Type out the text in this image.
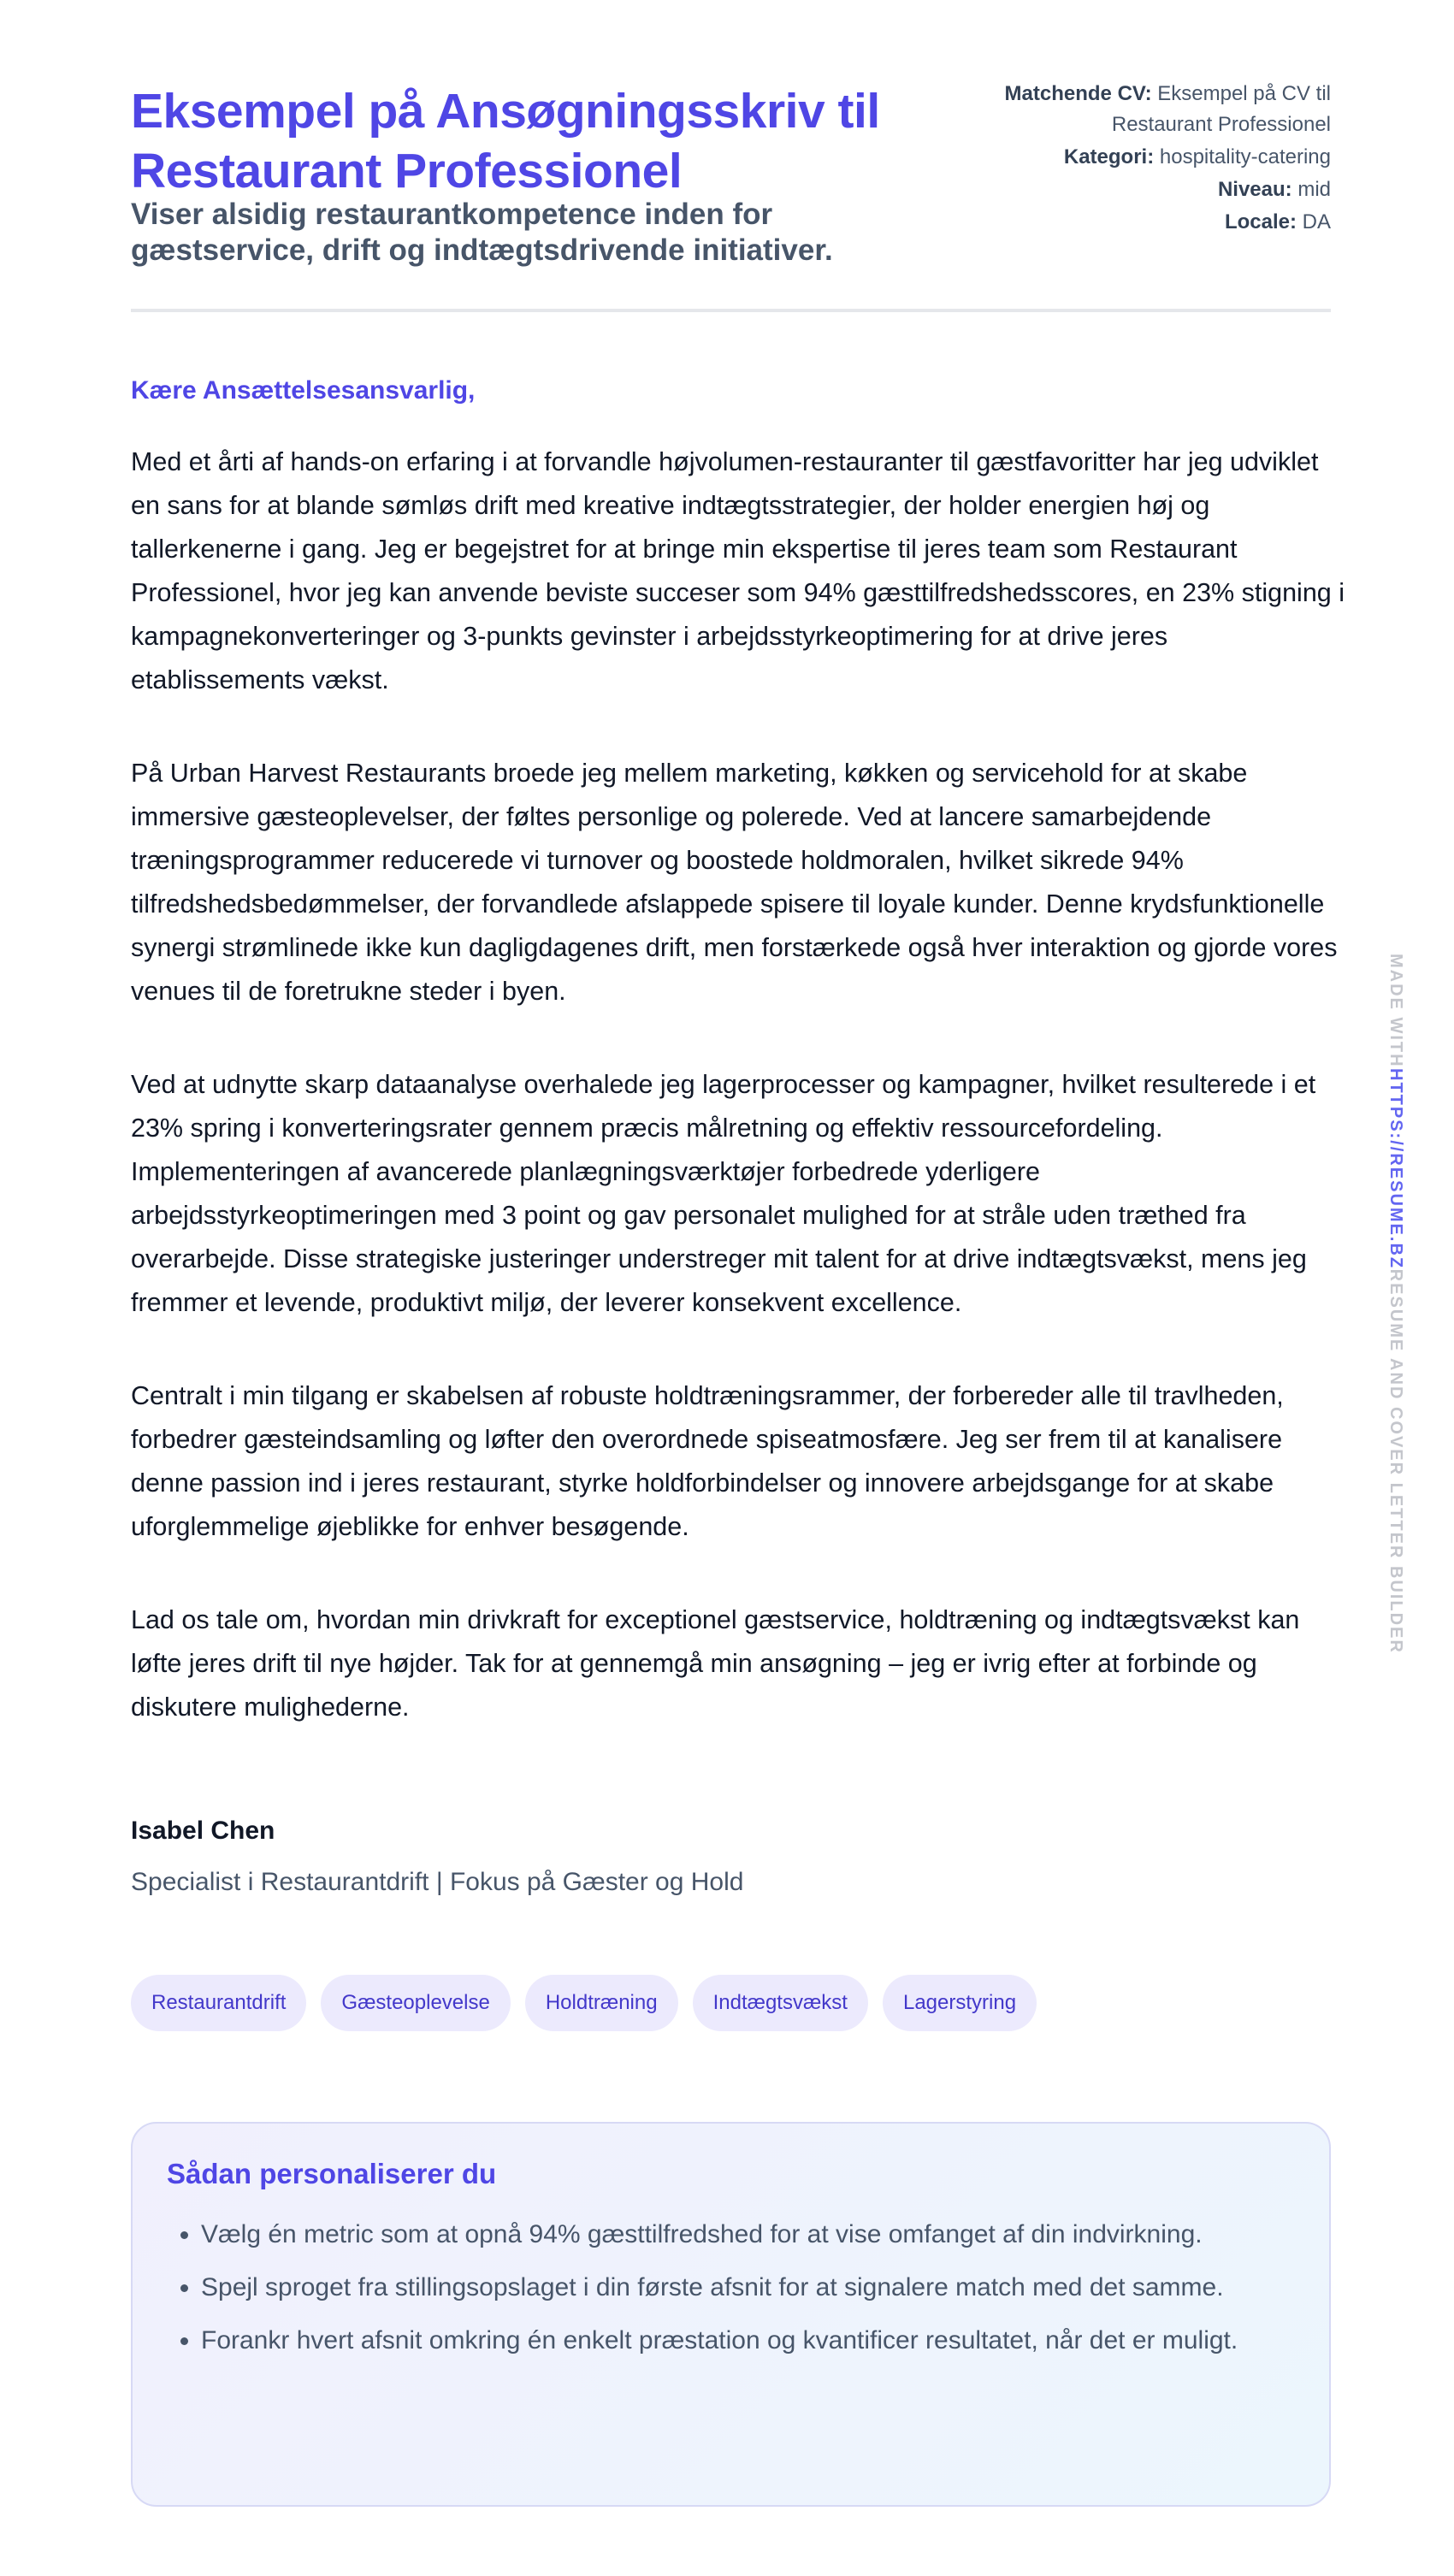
Eksempel på Ansøgningsskriv til Restaurant Professionel
Viser alsidig restaurantkompetence inden for gæstservice, drift og indtægtsdrivende initiativer.
Matchende CV: Eksempel på CV til Restaurant Professionel
Kategori: hospitality-catering
Niveau: mid
Locale: DA
Kære Ansættelsesansvarlig,

Med et årti af hands-on erfaring i at forvandle højvolumen-restauranter til gæstfavoritter har jeg udviklet en sans for at blande sømløs drift med kreative indtægtsstrategier, der holder energien høj og tallerkenerne i gang. Jeg er begejstret for at bringe min ekspertise til jeres team som Restaurant Professionel, hvor jeg kan anvende beviste succeser som 94% gæsttilfredshedsscores, en 23% stigning i kampagnekonverteringer og 3-punkts gevinster i arbejdsstyrkeoptimering for at drive jeres etablissements vækst.

På Urban Harvest Restaurants broede jeg mellem marketing, køkken og servicehold for at skabe immersive gæsteoplevelser, der føltes personlige og polerede. Ved at lancere samarbejdende træningsprogrammer reducerede vi turnover og boostede holdmoralen, hvilket sikrede 94% tilfredshedsbedømmelser, der forvandlede afslappede spisere til loyale kunder. Denne krydsfunktionelle synergi strømlinede ikke kun dagligdagenes drift, men forstærkede også hver interaktion og gjorde vores venues til de foretrukne steder i byen.

Ved at udnytte skarp dataanalyse overhalede jeg lagerprocesser og kampagner, hvilket resulterede i et 23% spring i konverteringsrater gennem præcis målretning og effektiv ressourcefordeling. Implementeringen af avancerede planlægningsværktøjer forbedrede yderligere arbejdsstyrkeoptimeringen med 3 point og gav personalet mulighed for at stråle uden træthed fra overarbejde. Disse strategiske justeringer understreger mit talent for at drive indtægtsvækst, mens jeg fremmer et levende, produktivt miljø, der leverer konsekvent excellence.

Centralt i min tilgang er skabelsen af robuste holdtræningsrammer, der forbereder alle til travlheden, forbedrer gæsteindsamling og løfter den overordnede spiseatmosfære. Jeg ser frem til at kanalisere denne passion ind i jeres restaurant, styrke holdforbindelser og innovere arbejdsgange for at skabe uforglemmelige øjeblikke for enhver besøgende.

Lad os tale om, hvordan min drivkraft for exceptionel gæstservice, holdtræning og indtægtsvækst kan løfte jeres drift til nye højder. Tak for at gennemgå min ansøgning – jeg er ivrig efter at forbinde og diskutere mulighederne.

Isabel Chen
Specialist i Restaurantdrift | Fokus på Gæster og Hold
Restaurantdrift	Gæsteoplevelse	Holdtræning	Indtægtsvækst	Lagerstyring
Sådan personaliserer du
• Vælg én metric som at opnå 94% gæsttilfredshed for at vise omfanget af din indvirkning.
• Spejl sproget fra stillingsopslaget i din første afsnit for at signalere match med det samme.
• Forankr hvert afsnit omkring én enkelt præstation og kvantificer resultatet, når det er muligt.
MADE WITHHTTPS://RESUME.BZRESUME AND COVER LETTER BUILDER
